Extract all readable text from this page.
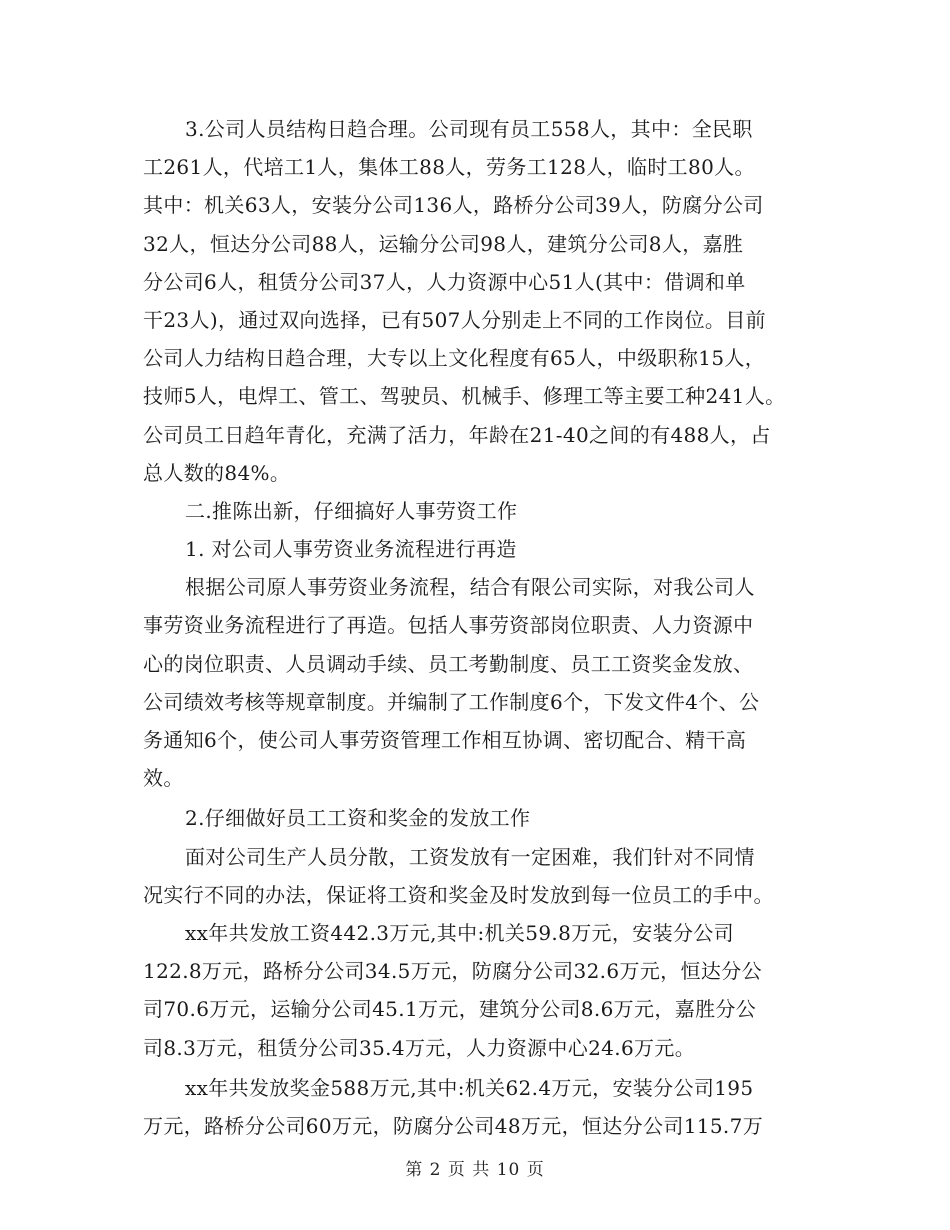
3.公司人员结构日趋合理。公司现有员工558人，其中：全民职
工261人，代培工1人，集体工88人，劳务工128人，临时工80人。
其中：机关63人，安装分公司136人，路桥分公司39人，防腐分公司
32人，恒达分公司88人，运输分公司98人，建筑分公司8人，嘉胜
分公司6人，租赁分公司37人，人力资源中心51人(其中：借调和单
干23人)，通过双向选择，已有507人分别走上不同的工作岗位。目前
公司人力结构日趋合理，大专以上文化程度有65人，中级职称15人，
技师5人，电焊工、管工、驾驶员、机械手、修理工等主要工种241人。
公司员工日趋年青化，充满了活力，年龄在21-40之间的有488人，占
总人数的84%。
二.推陈出新，仔细搞好人事劳资工作
1. 对公司人事劳资业务流程进行再造
根据公司原人事劳资业务流程，结合有限公司实际，对我公司人
事劳资业务流程进行了再造。包括人事劳资部岗位职责、人力资源中
心的岗位职责、人员调动手续、员工考勤制度、员工工资奖金发放、
公司绩效考核等规章制度。并编制了工作制度6个，下发文件4个、公
务通知6个，使公司人事劳资管理工作相互协调、密切配合、精干高
效。
2.仔细做好员工工资和奖金的发放工作
面对公司生产人员分散，工资发放有一定困难，我们针对不同情
况实行不同的办法，保证将工资和奖金及时发放到每一位员工的手中。
xx年共发放工资442.3万元,其中:机关59.8万元，安装分公司
122.8万元，路桥分公司34.5万元，防腐分公司32.6万元，恒达分公
司70.6万元，运输分公司45.1万元，建筑分公司8.6万元，嘉胜分公
司8.3万元，租赁分公司35.4万元，人力资源中心24.6万元。
xx年共发放奖金588万元,其中:机关62.4万元，安装分公司195
万元，路桥分公司60万元，防腐分公司48万元，恒达分公司115.7万
第 2 页 共 10 页
